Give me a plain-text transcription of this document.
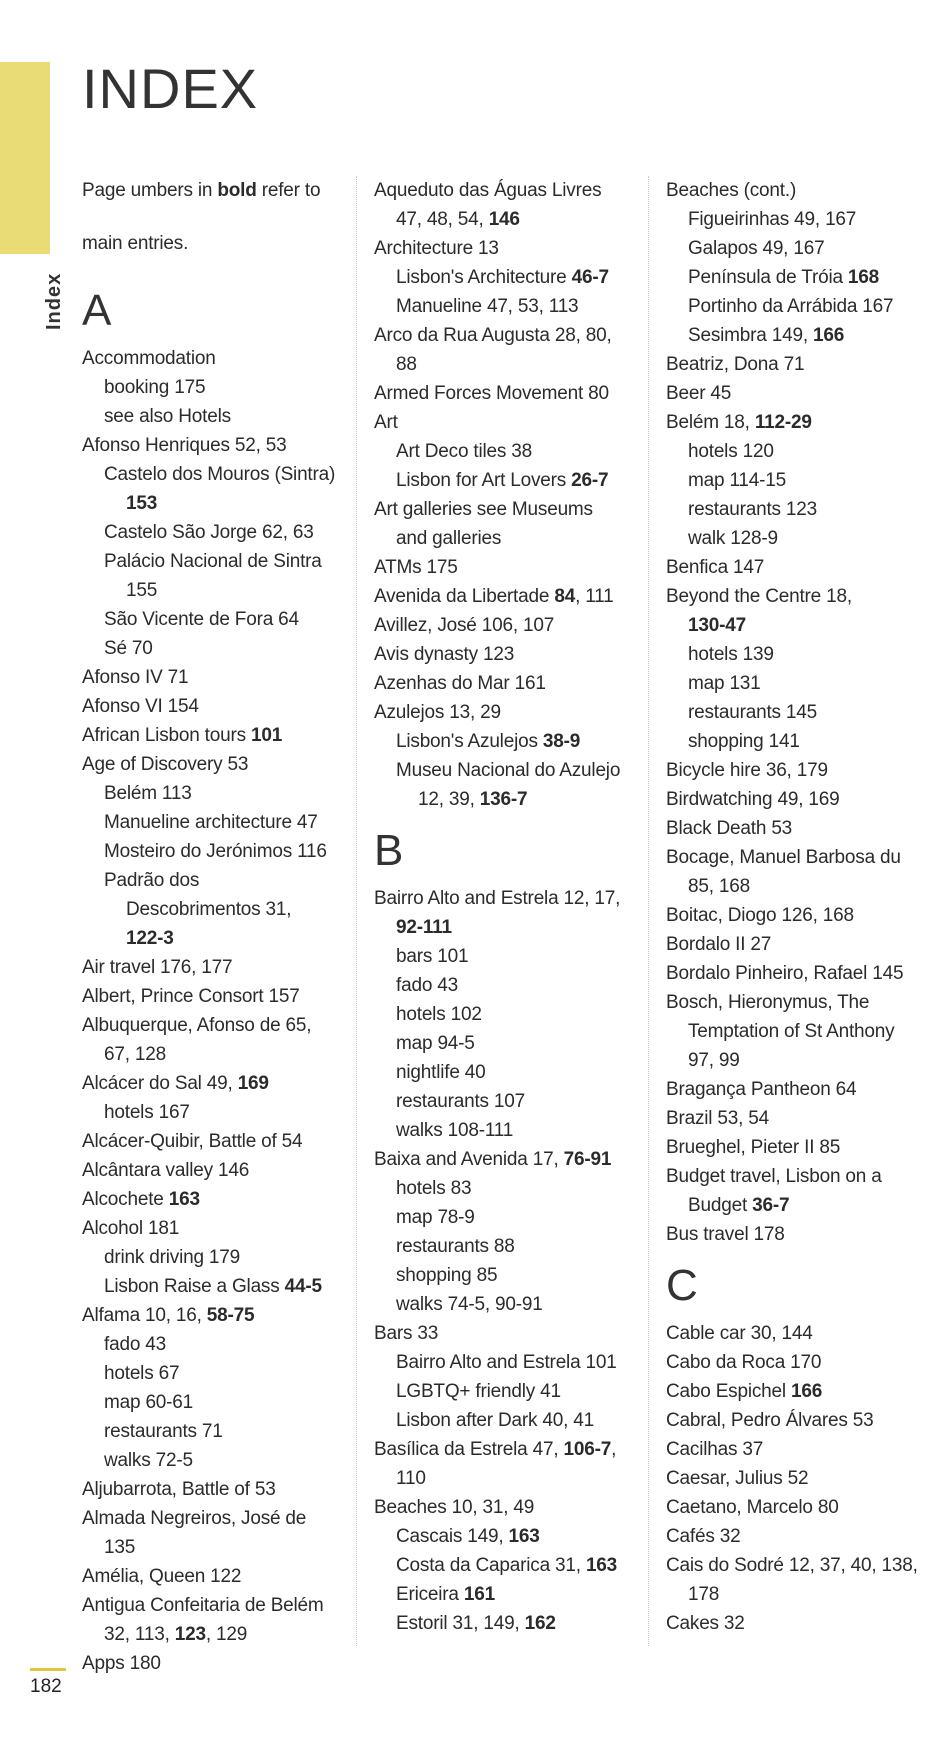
Index
INDEX
Page umbers in bold refer to
main entries.
A
Accommodation
booking 175
see also Hotels
Afonso Henriques 52, 53
Castelo dos Mouros (Sintra)
153
Castelo São Jorge 62, 63
Palácio Nacional de Sintra
155
São Vicente de Fora 64
Sé 70
Afonso IV 71
Afonso VI 154
African Lisbon tours 101
Age of Discovery 53
Belém 113
Manueline architecture 47
Mosteiro do Jerónimos 116
Padrão dos
Descobrimentos 31,
122-3
Air travel 176, 177
Albert, Prince Consort 157
Albuquerque, Afonso de 65,
67, 128
Alcácer do Sal 49, 169
hotels 167
Alcácer-Quibir, Battle of 54
Alcântara valley 146
Alcochete 163
Alcohol 181
drink driving 179
Lisbon Raise a Glass 44-5
Alfama 10, 16, 58-75
fado 43
hotels 67
map 60-61
restaurants 71
walks 72-5
Aljubarrota, Battle of 53
Almada Negreiros, José de
135
Amélia, Queen 122
Antigua Confeitaria de Belém
32, 113, 123, 129
Apps 180
Aqueduto das Águas Livres
47, 48, 54, 146
Architecture 13
Lisbon's Architecture 46-7
Manueline 47, 53, 113
Arco da Rua Augusta 28, 80,
88
Armed Forces Movement 80
Art
Art Deco tiles 38
Lisbon for Art Lovers 26-7
Art galleries see Museums
and galleries
ATMs 175
Avenida da Libertade 84, 111
Avillez, José 106, 107
Avis dynasty 123
Azenhas do Mar 161
Azulejos 13, 29
Lisbon's Azulejos 38-9
Museu Nacional do Azulejo
12, 39, 136-7
B
Bairro Alto and Estrela 12, 17,
92-111
bars 101
fado 43
hotels 102
map 94-5
nightlife 40
restaurants 107
walks 108-111
Baixa and Avenida 17, 76-91
hotels 83
map 78-9
restaurants 88
shopping 85
walks 74-5, 90-91
Bars 33
Bairro Alto and Estrela 101
LGBTQ+ friendly 41
Lisbon after Dark 40, 41
Basílica da Estrela 47, 106-7,
110
Beaches 10, 31, 49
Cascais 149, 163
Costa da Caparica 31, 163
Ericeira 161
Estoril 31, 149, 162
Beaches (cont.)
Figueirinhas 49, 167
Galapos 49, 167
Península de Tróia 168
Portinho da Arrábida 167
Sesimbra 149, 166
Beatriz, Dona 71
Beer 45
Belém 18, 112-29
hotels 120
map 114-15
restaurants 123
walk 128-9
Benfica 147
Beyond the Centre 18,
130-47
hotels 139
map 131
restaurants 145
shopping 141
Bicycle hire 36, 179
Birdwatching 49, 169
Black Death 53
Bocage, Manuel Barbosa du
85, 168
Boitac, Diogo 126, 168
Bordalo II 27
Bordalo Pinheiro, Rafael 145
Bosch, Hieronymus, The
Temptation of St Anthony
97, 99
Bragança Pantheon 64
Brazil 53, 54
Brueghel, Pieter II 85
Budget travel, Lisbon on a
Budget 36-7
Bus travel 178
C
Cable car 30, 144
Cabo da Roca 170
Cabo Espichel 166
Cabral, Pedro Álvares 53
Cacilhas 37
Caesar, Julius 52
Caetano, Marcelo 80
Cafés 32
Cais do Sodré 12, 37, 40, 138,
178
Cakes 32
182
